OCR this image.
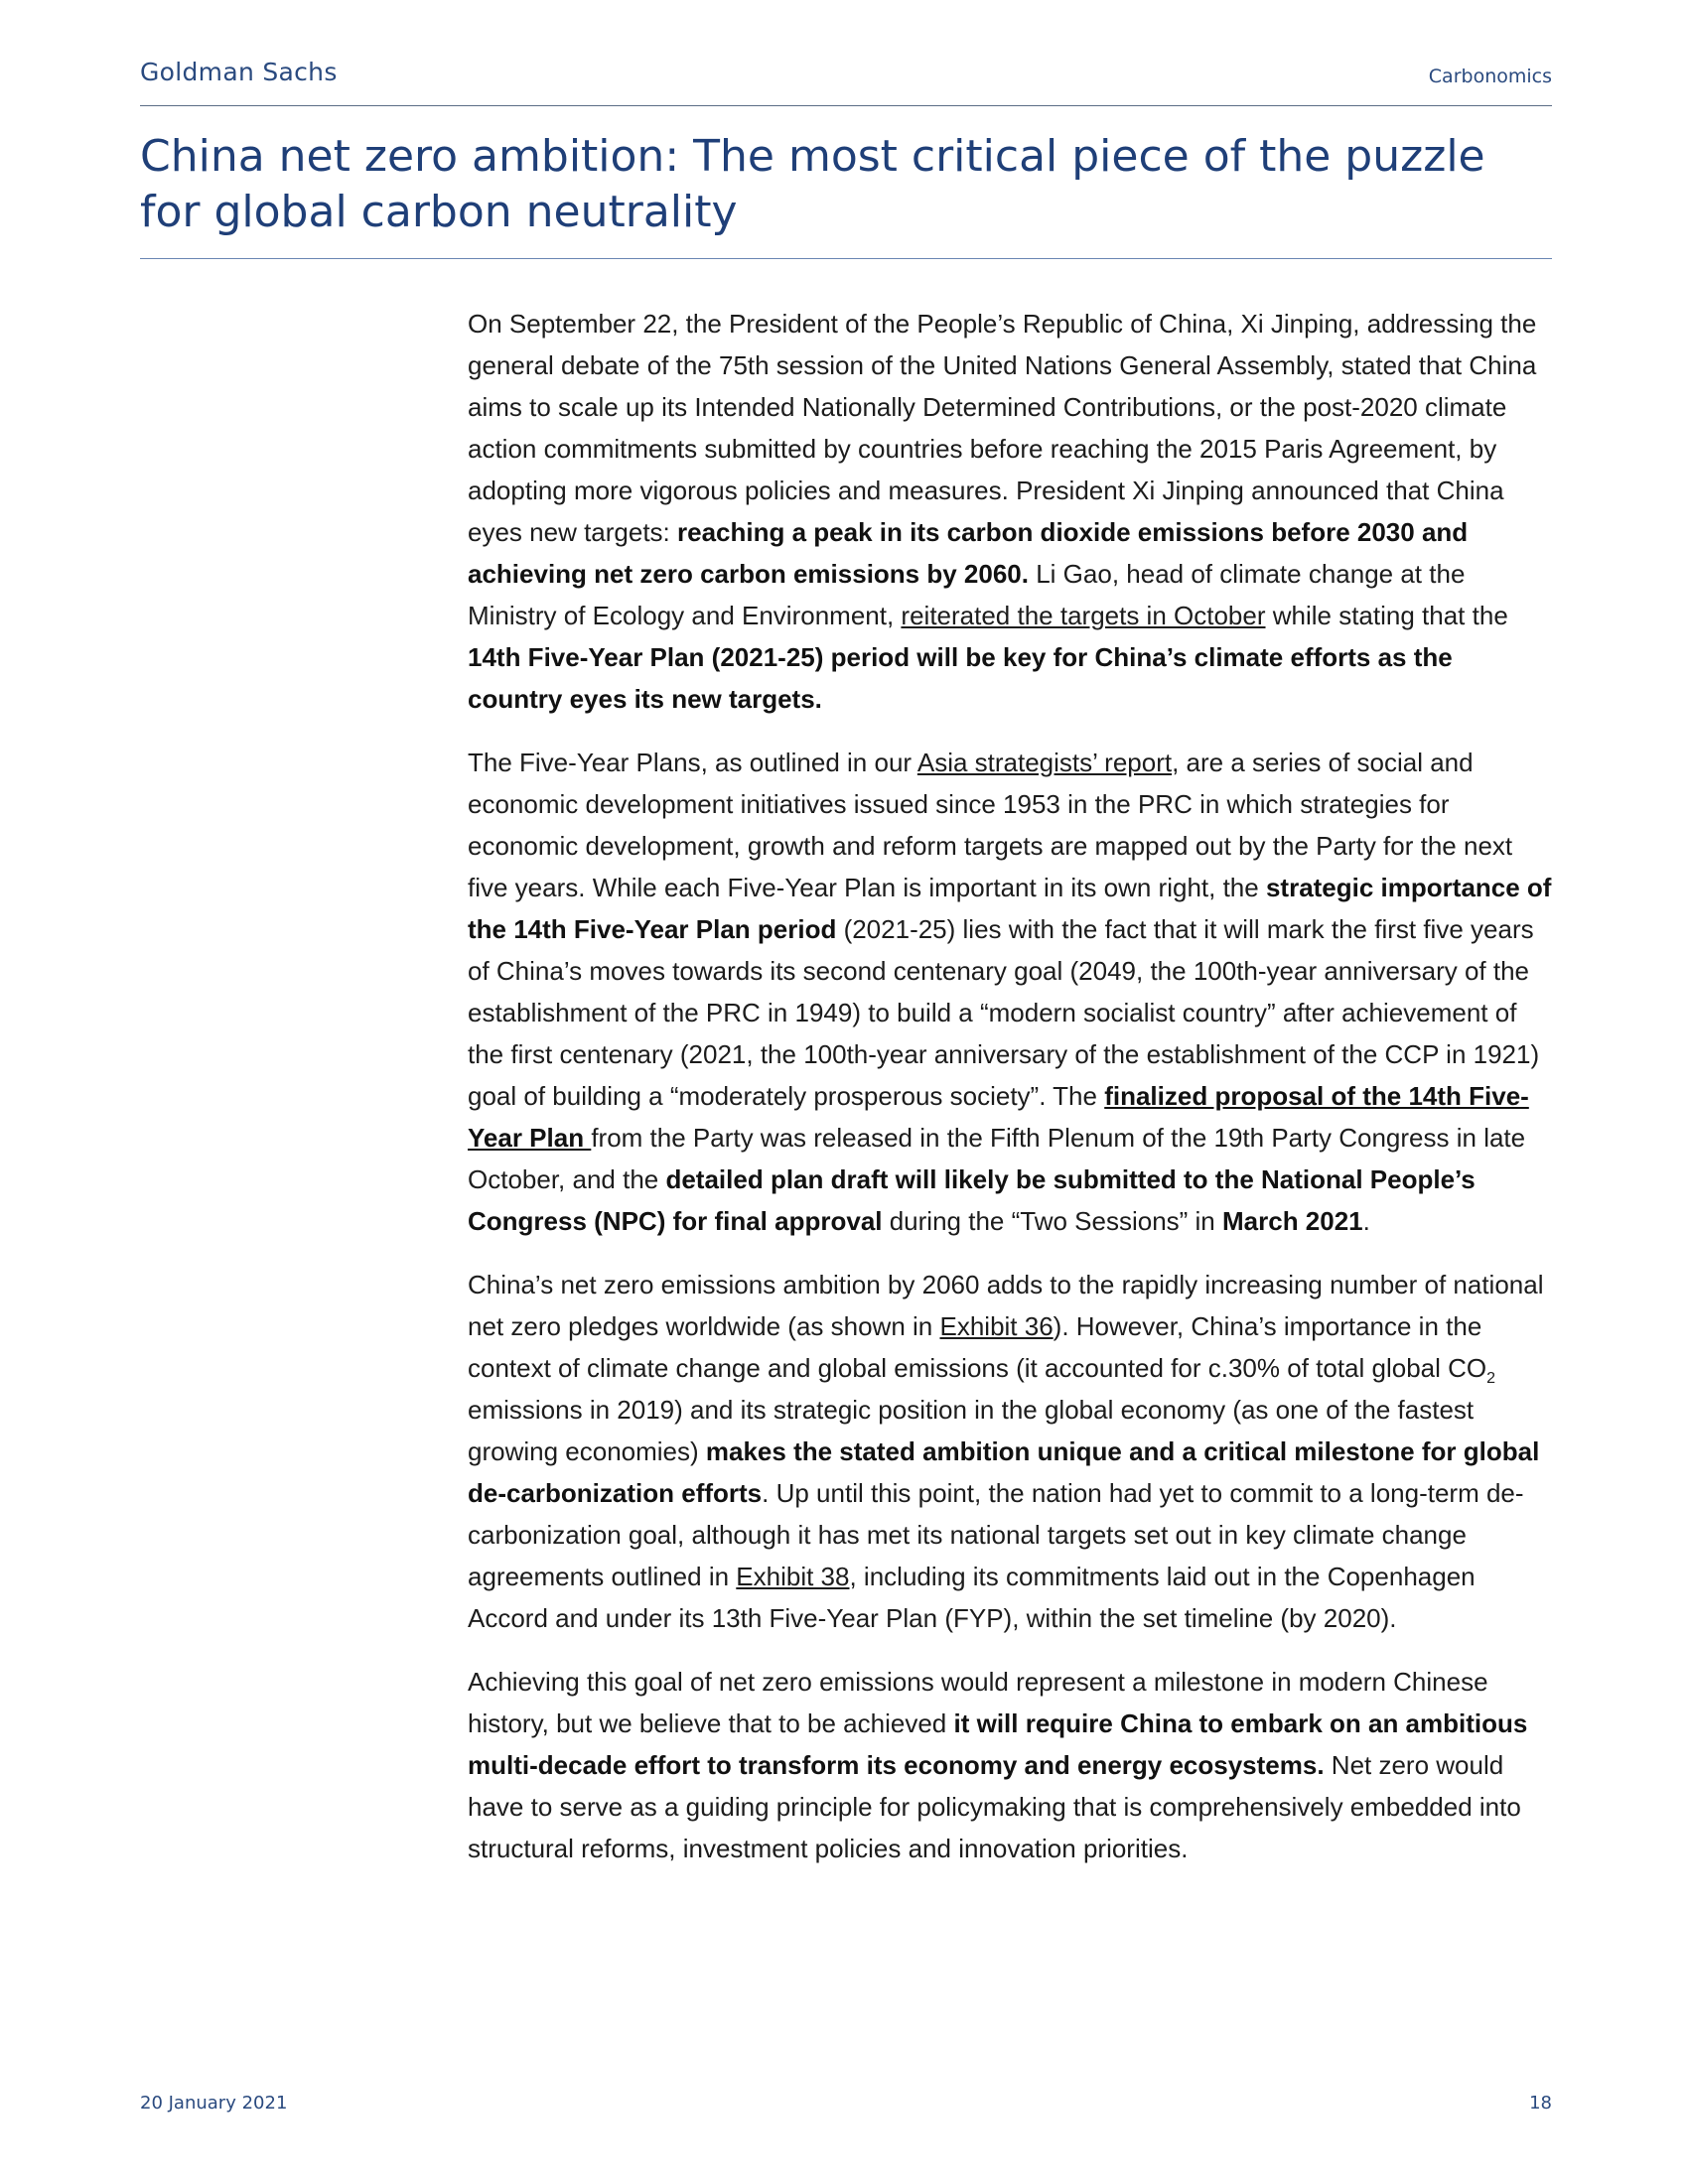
Goldman Sachs	Carbonomics
China net zero ambition: The most critical piece of the puzzle for global carbon neutrality

On September 22, the President of the People’s Republic of China, Xi Jinping, addressing the general debate of the 75th session of the United Nations General Assembly, stated that China aims to scale up its Intended Nationally Determined Contributions, or the post-2020 climate action commitments submitted by countries before reaching the 2015 Paris Agreement, by adopting more vigorous policies and measures. President Xi Jinping announced that China eyes new targets: reaching a peak in its carbon dioxide emissions before 2030 and achieving net zero carbon emissions by 2060. Li Gao, head of climate change at the Ministry of Ecology and Environment, reiterated the targets in October while stating that the 14th Five-Year Plan (2021-25) period will be key for China’s climate efforts as the country eyes its new targets.

The Five-Year Plans, as outlined in our Asia strategists’ report, are a series of social and economic development initiatives issued since 1953 in the PRC in which strategies for economic development, growth and reform targets are mapped out by the Party for the next five years. While each Five-Year Plan is important in its own right, the strategic importance of the 14th Five-Year Plan period (2021-25) lies with the fact that it will mark the first five years of China’s moves towards its second centenary goal (2049, the 100th-year anniversary of the establishment of the PRC in 1949) to build a “modern socialist country” after achievement of the first centenary (2021, the 100th-year anniversary of the establishment of the CCP in 1921) goal of building a “moderately prosperous society”. The finalized proposal of the 14th Five-Year Plan from the Party was released in the Fifth Plenum of the 19th Party Congress in late October, and the detailed plan draft will likely be submitted to the National People’s Congress (NPC) for final approval during the “Two Sessions” in March 2021.

China’s net zero emissions ambition by 2060 adds to the rapidly increasing number of national net zero pledges worldwide (as shown in Exhibit 36). However, China’s importance in the context of climate change and global emissions (it accounted for c.30% of total global $CO_2$ emissions in 2019) and its strategic position in the global economy (as one of the fastest growing economies) makes the stated ambition unique and a critical milestone for global de-carbonization efforts. Up until this point, the nation had yet to commit to a long-term de-carbonization goal, although it has met its national targets set out in key climate change agreements outlined in Exhibit 38, including its commitments laid out in the Copenhagen Accord and under its 13th Five-Year Plan (FYP), within the set timeline (by 2020).

Achieving this goal of net zero emissions would represent a milestone in modern Chinese history, but we believe that to be achieved it will require China to embark on an ambitious multi-decade effort to transform its economy and energy ecosystems. Net zero would have to serve as a guiding principle for policymaking that is comprehensively embedded into structural reforms, investment policies and innovation priorities.

20 January 2021	18
